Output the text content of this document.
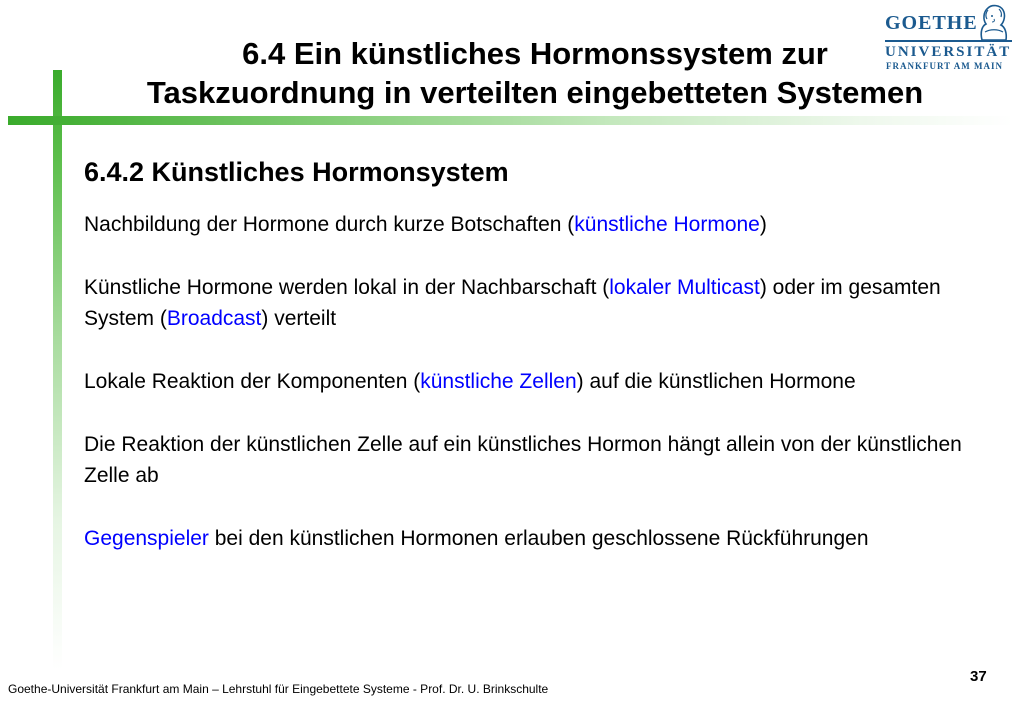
6.4 Ein künstliches Hormonssystem zur
Taskzuordnung in verteilten eingebetteten Systemen
GOETHE
UNIVERSITÄT
FRANKFURT AM MAIN
6.4.2 Künstliches Hormonsystem

Nachbildung der Hormone durch kurze Botschaften (künstliche Hormone)

Künstliche Hormone werden lokal in der Nachbarschaft (lokaler Multicast) oder im gesamten System (Broadcast) verteilt

Lokale Reaktion der Komponenten (künstliche Zellen) auf die künstlichen Hormone

Die Reaktion der künstlichen Zelle auf ein künstliches Hormon hängt allein von der künstlichen Zelle ab

Gegenspieler bei den künstlichen Hormonen erlauben geschlossene Rückführungen

Goethe-Universität Frankfurt am Main – Lehrstuhl für Eingebettete Systeme - Prof. Dr. U. Brinkschulte
37
